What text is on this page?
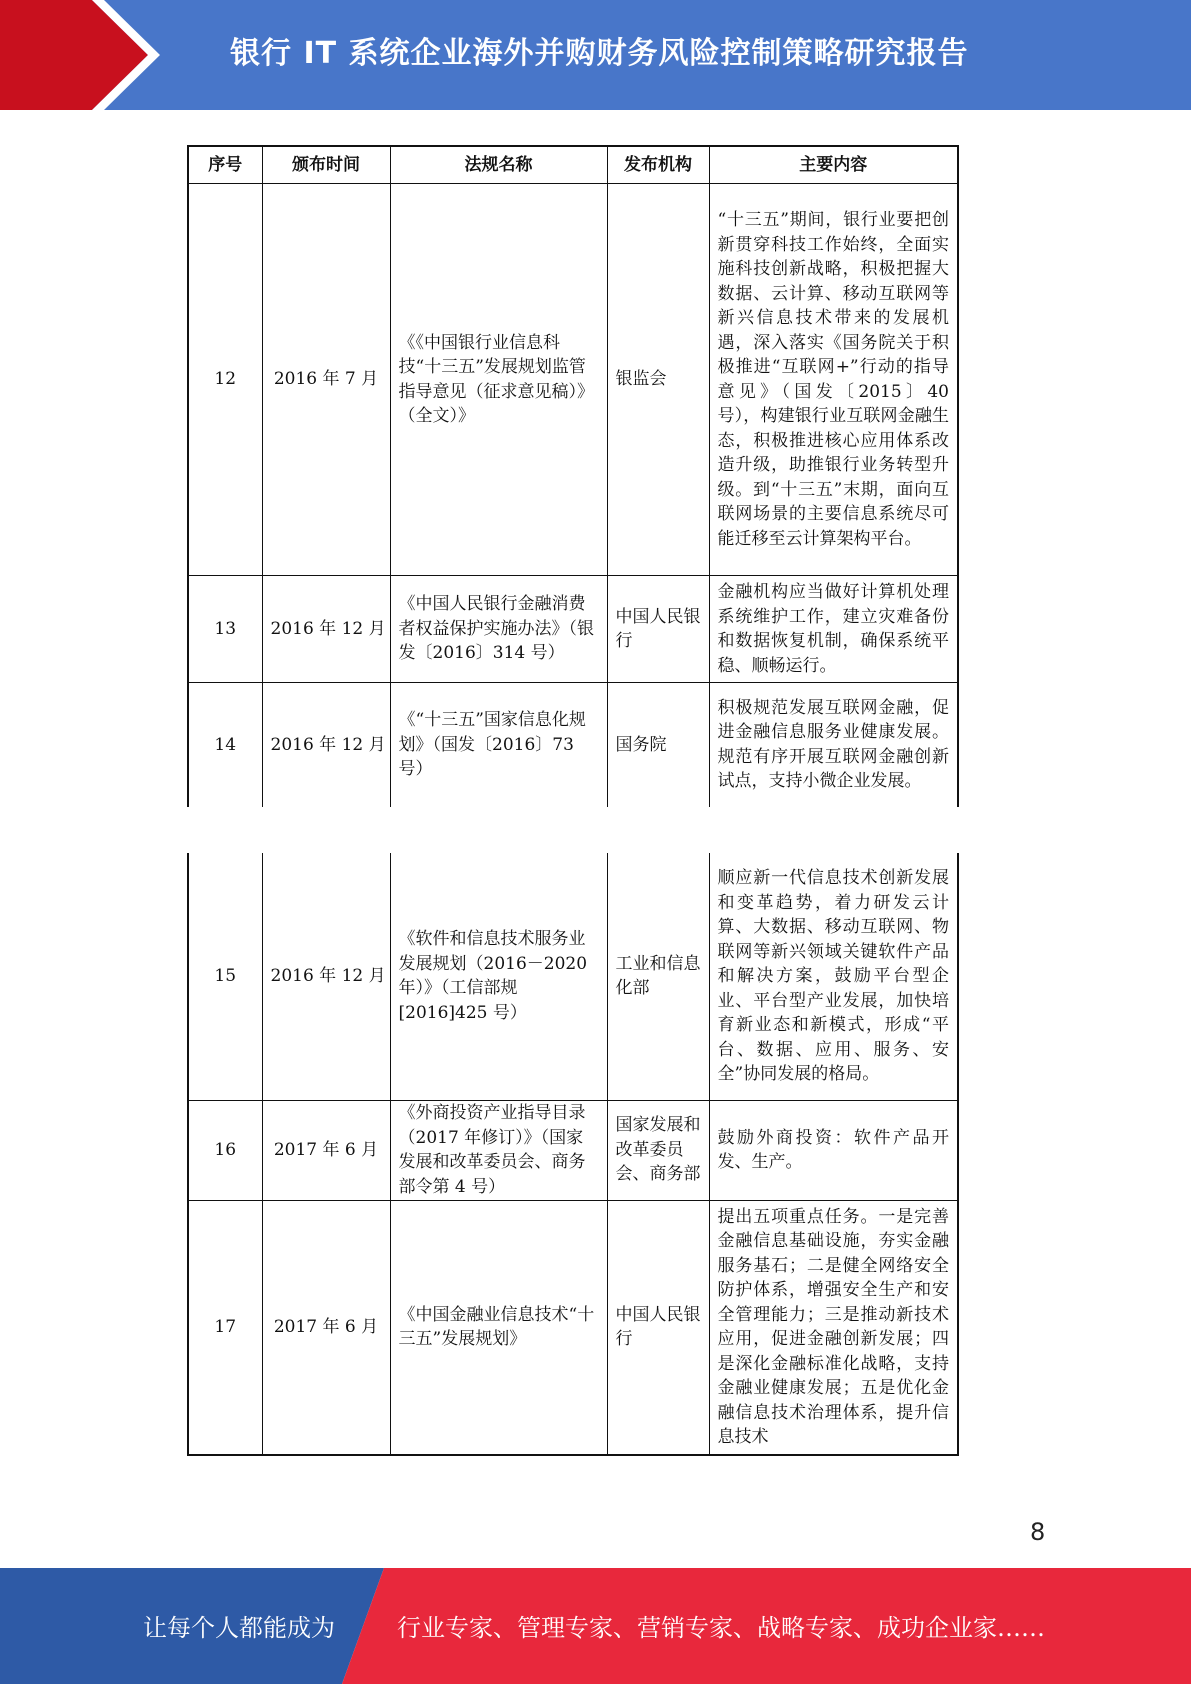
银行 IT 系统企业海外并购财务风险控制策略研究报告
序号	颁布时间	法规名称	发布机构	主要内容
12	2016 年 7 月	《《中国银行业信息科技“十三五”发展规划监管指导意见（征求意见稿）》（全文）》	银监会	“十三五”期间，银行业要把创新贯穿科技工作始终，全面实施科技创新战略，积极把握大数据、云计算、移动互联网等新兴信息技术带来的发展机遇，深入落实《国务院关于积极推进“互联网+”行动的指导意见》（国发〔2015〕40 号），构建银行业互联网金融生态，积极推进核心应用体系改造升级，助推银行业务转型升级。到“十三五”末期，面向互联网场景的主要信息系统尽可能迁移至云计算架构平台。
13	2016 年 12 月	《中国人民银行金融消费者权益保护实施办法》（银发〔2016〕314 号）	中国人民银行	金融机构应当做好计算机处理系统维护工作，建立灾难备份和数据恢复机制，确保系统平稳、顺畅运行。
14	2016 年 12 月	《“十三五”国家信息化规划》（国发〔2016〕73 号）	国务院	积极规范发展互联网金融，促进金融信息服务业健康发展。规范有序开展互联网金融创新试点，支持小微企业发展。
15	2016 年 12 月	《软件和信息技术服务业发展规划（2016－2020 年）》（工信部规[2016]425 号）	工业和信息化部	顺应新一代信息技术创新发展和变革趋势，着力研发云计算、大数据、移动互联网、物联网等新兴领域关键软件产品和解决方案，鼓励平台型企业、平台型产业发展，加快培育新业态和新模式，形成“平台、数据、应用、服务、安全”协同发展的格局。
16	2017 年 6 月	《外商投资产业指导目录（2017 年修订）》（国家发展和改革委员会、商务部令第 4 号）	国家发展和改革委员会、商务部	鼓励外商投资：软件产品开发、生产。
17	2017 年 6 月	《中国金融业信息技术“十三五”发展规划》	中国人民银行	提出五项重点任务。一是完善金融信息基础设施，夯实金融服务基石；二是健全网络安全防护体系，增强安全生产和安全管理能力；三是推动新技术应用，促进金融创新发展；四是深化金融标准化战略，支持金融业健康发展；五是优化金融信息技术治理体系，提升信息技术
8
让每个人都能成为	行业专家、管理专家、营销专家、战略专家、成功企业家……
